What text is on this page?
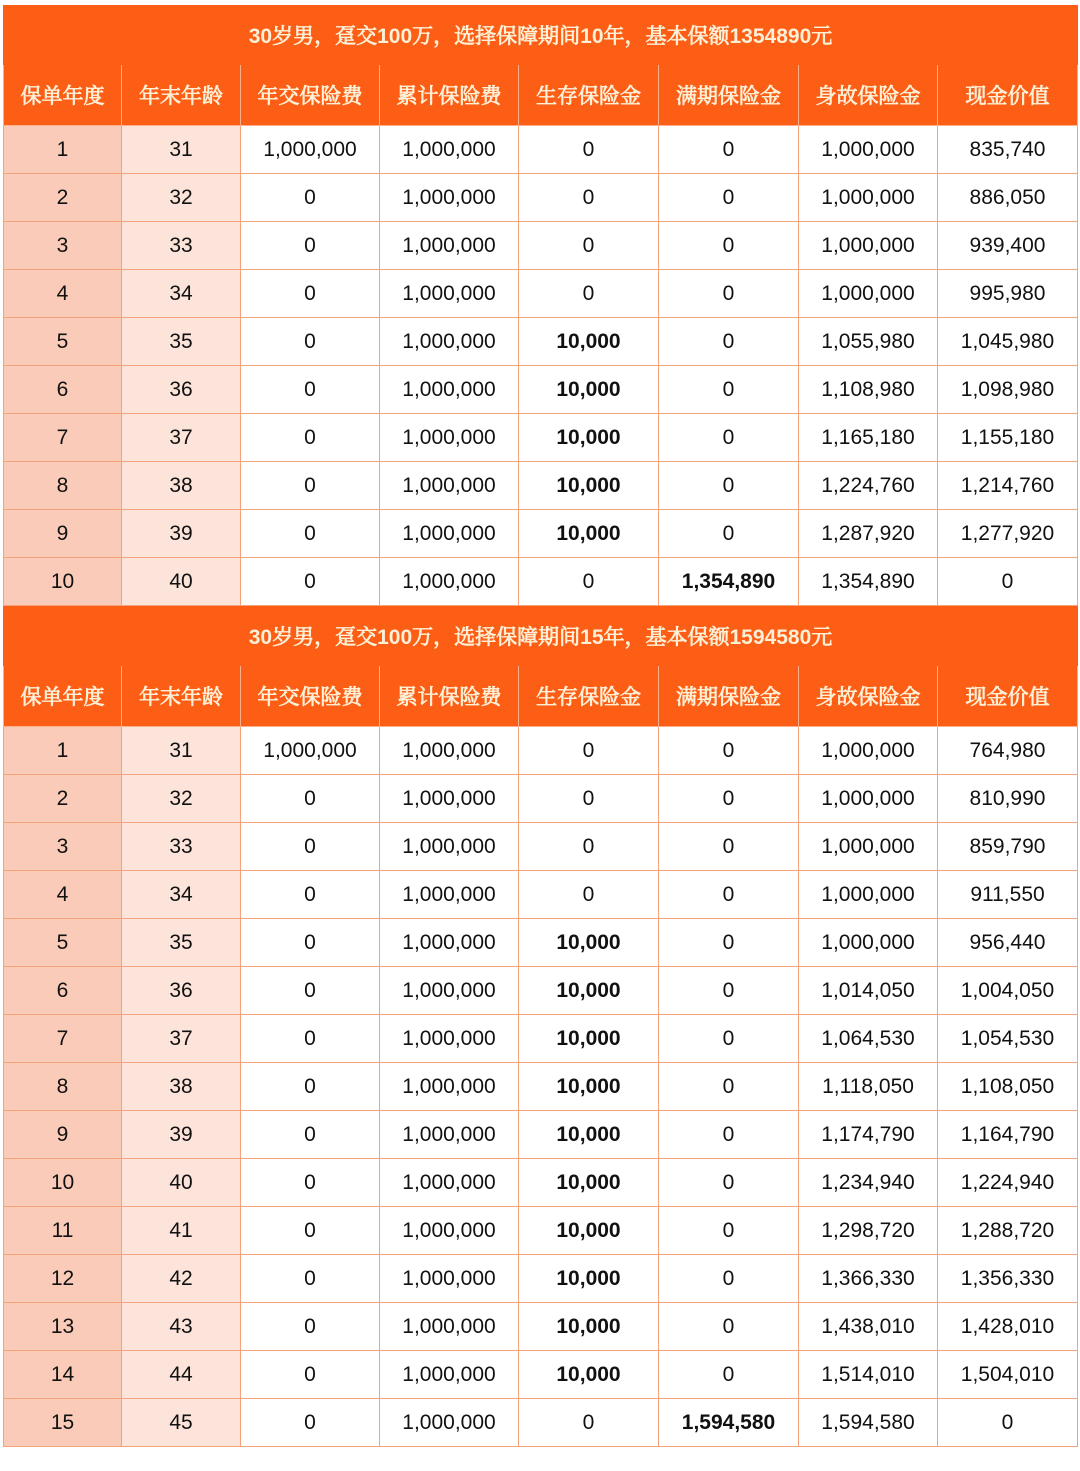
30岁男，趸交100万，选择保障期间10年，基本保额1354890元							
保单年度	年末年龄	年交保险费	累计保险费	生存保险金	满期保险金	身故保险金	现金价值
1	31	1,000,000	1,000,000	0	0	1,000,000	835,740
2	32	0	1,000,000	0	0	1,000,000	886,050
3	33	0	1,000,000	0	0	1,000,000	939,400
4	34	0	1,000,000	0	0	1,000,000	995,980
5	35	0	1,000,000	10,000	0	1,055,980	1,045,980
6	36	0	1,000,000	10,000	0	1,108,980	1,098,980
7	37	0	1,000,000	10,000	0	1,165,180	1,155,180
8	38	0	1,000,000	10,000	0	1,224,760	1,214,760
9	39	0	1,000,000	10,000	0	1,287,920	1,277,920
10	40	0	1,000,000	0	1,354,890	1,354,890	0
30岁男，趸交100万，选择保障期间15年，基本保额1594580元							
保单年度	年末年龄	年交保险费	累计保险费	生存保险金	满期保险金	身故保险金	现金价值
1	31	1,000,000	1,000,000	0	0	1,000,000	764,980
2	32	0	1,000,000	0	0	1,000,000	810,990
3	33	0	1,000,000	0	0	1,000,000	859,790
4	34	0	1,000,000	0	0	1,000,000	911,550
5	35	0	1,000,000	10,000	0	1,000,000	956,440
6	36	0	1,000,000	10,000	0	1,014,050	1,004,050
7	37	0	1,000,000	10,000	0	1,064,530	1,054,530
8	38	0	1,000,000	10,000	0	1,118,050	1,108,050
9	39	0	1,000,000	10,000	0	1,174,790	1,164,790
10	40	0	1,000,000	10,000	0	1,234,940	1,224,940
11	41	0	1,000,000	10,000	0	1,298,720	1,288,720
12	42	0	1,000,000	10,000	0	1,366,330	1,356,330
13	43	0	1,000,000	10,000	0	1,438,010	1,428,010
14	44	0	1,000,000	10,000	0	1,514,010	1,504,010
15	45	0	1,000,000	0	1,594,580	1,594,580	0
